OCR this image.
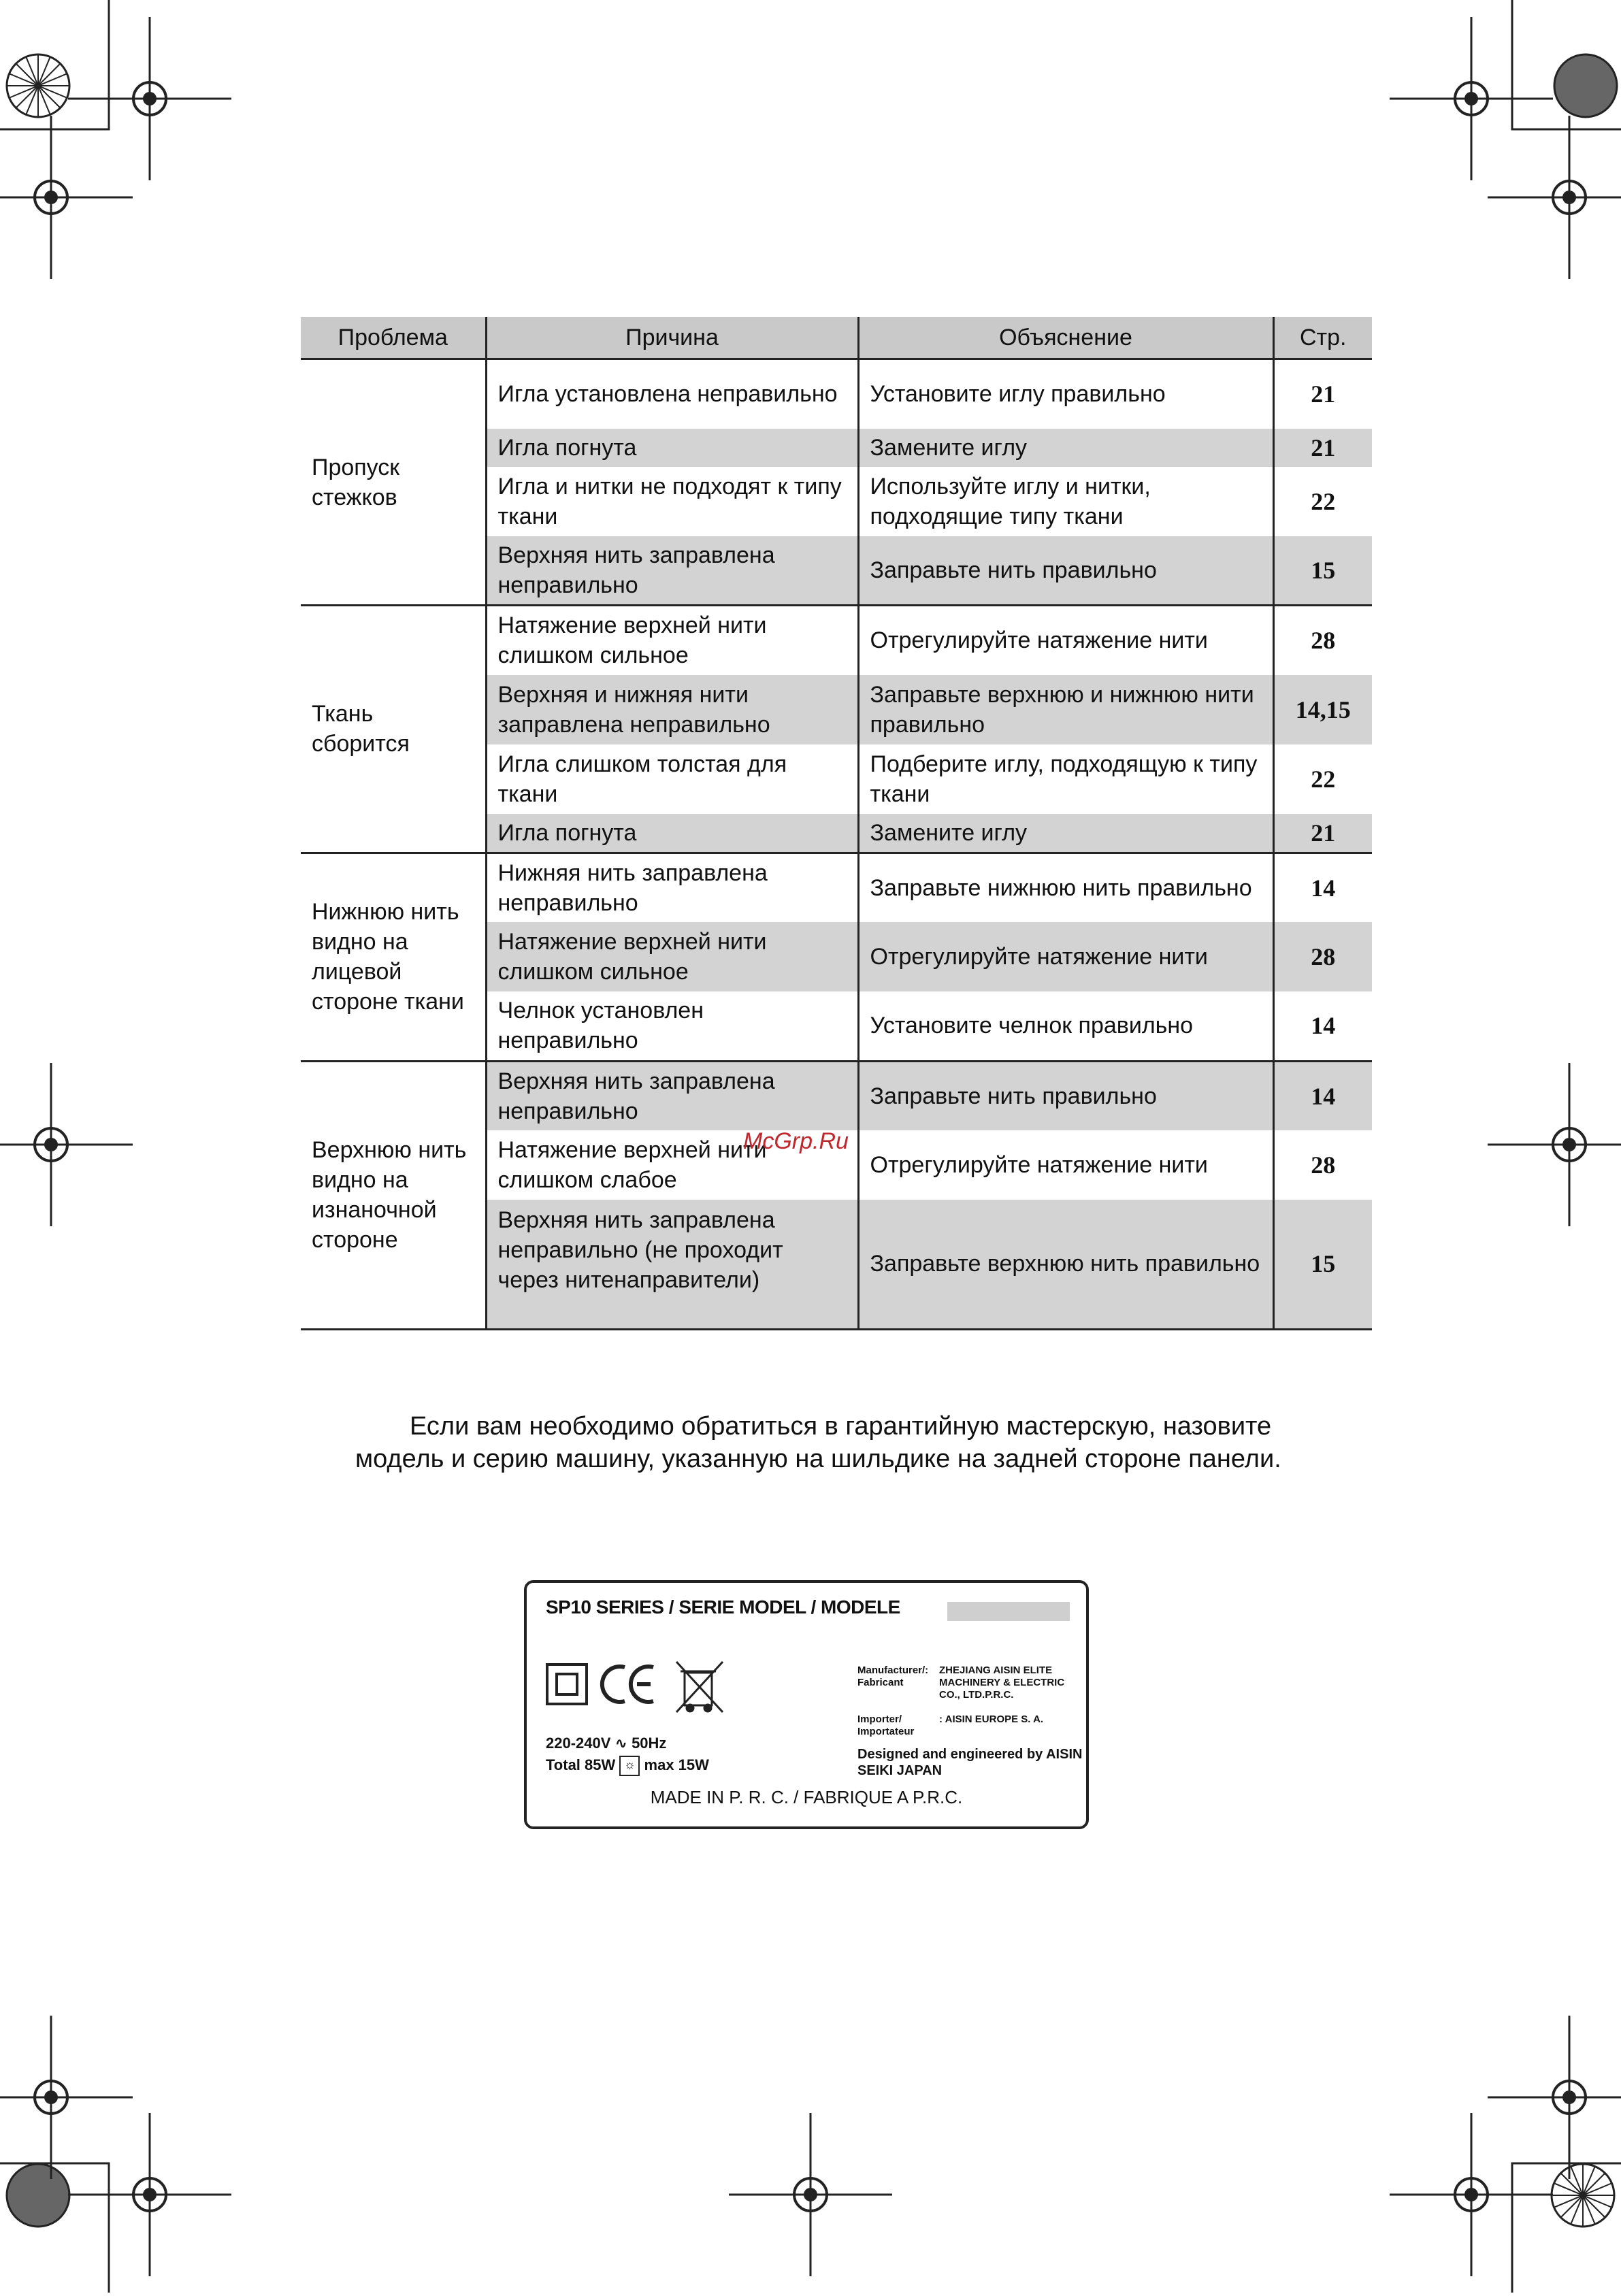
Проблема	Причина	Объяснение	Стр.
Пропуск стежков	Игла установлена неправильно	Установите иглу правильно	21
	Игла погнута	Замените иглу	21
	Игла и нитки не подходят к типу ткани	Используйте иглу и нитки, подходящие типу ткани	22
	Верхняя нить заправлена неправильно	Заправьте нить правильно	15
Ткань сборится	Натяжение верхней нити слишком сильное	Отрегулируйте натяжение нити	28
	Верхняя и нижняя нити заправлена неправильно	Заправьте верхнюю и нижнюю нити правильно	14,15
	Игла слишком толстая для ткани	Подберите иглу, подходящую к типу ткани	22
	Игла погнута	Замените иглу	21
Нижнюю нить видно на лицевой стороне ткани	Нижняя нить заправлена неправильно	Заправьте нижнюю нить правильно	14
	Натяжение верхней нити слишком сильное	Отрегулируйте натяжение нити	28
	Челнок установлен неправильно	Установите челнок правильно	14
Верхнюю нить видно на изнаночной стороне	Верхняя нить заправлена неправильно	Заправьте нить правильно	14
	Натяжение верхней нити слишком слабое	Отрегулируйте натяжение нити	28
	Верхняя нить заправлена неправильно (не проходит через нитенаправители)	Заправьте верхнюю нить правильно	15
McGrp.Ru
Если вам необходимо обратиться в гарантийную мастерскую, назовите модель и серию машину, указанную на шильдике на задней стороне панели.
SP10 SERIES / SERIE MODEL / MODELE
220-240V ∿ 50Hz
Total 85W ☼ max 15W
Manufacturer/: FabricantZHEJIANG AISIN ELITE MACHINERY & ELECTRIC CO., LTD.P.R.C.
Importer/ Importateur: AISIN EUROPE S. A.
Designed and engineered by AISIN SEIKI JAPAN
MADE IN P. R. C. / FABRIQUE A P.R.C.
